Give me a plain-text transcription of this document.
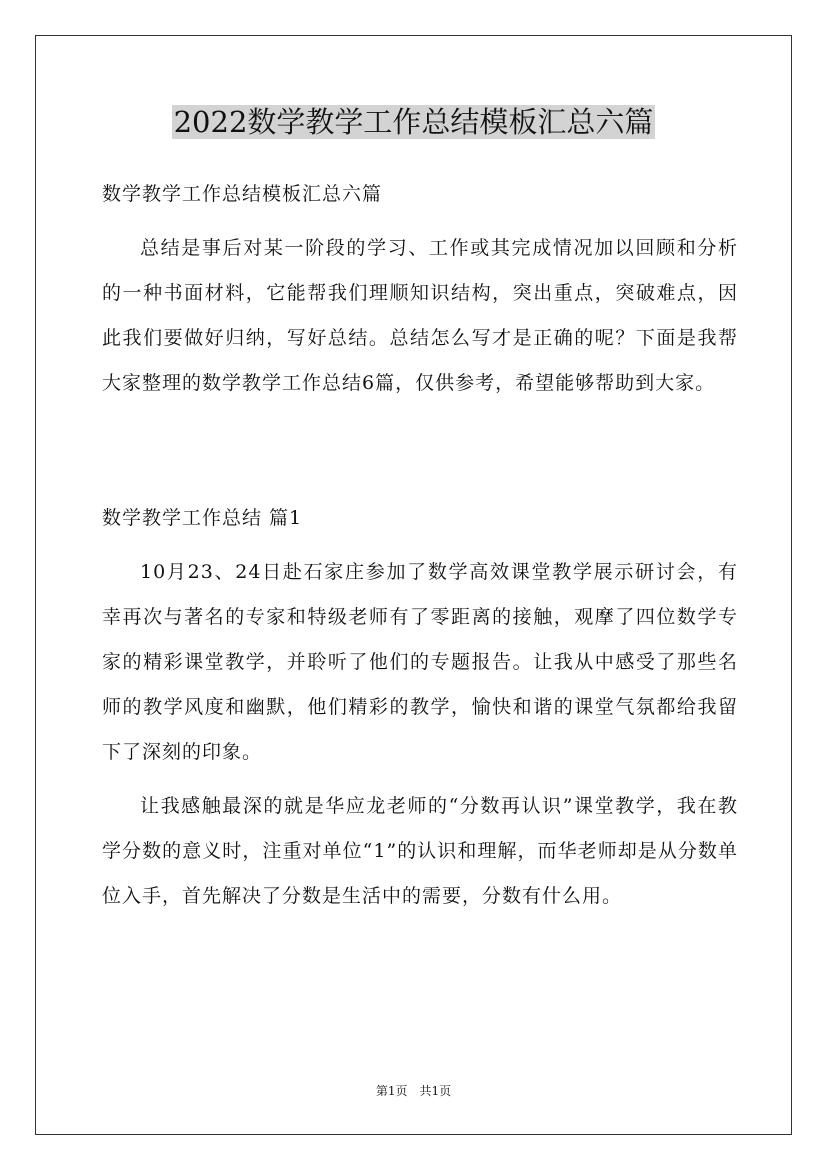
2022数学教学工作总结模板汇总六篇

数学教学工作总结模板汇总六篇

总结是事后对某一阶段的学习、工作或其完成情况加以回顾和分析的一种书面材料，它能帮我们理顺知识结构，突出重点，突破难点，因此我们要做好归纳，写好总结。总结怎么写才是正确的呢？下面是我帮大家整理的数学教学工作总结6篇，仅供参考，希望能够帮助到大家。

数学教学工作总结 篇1

10月23、24日赴石家庄参加了数学高效课堂教学展示研讨会，有幸再次与著名的专家和特级老师有了零距离的接触，观摩了四位数学专家的精彩课堂教学，并聆听了他们的专题报告。让我从中感受了那些名师的教学风度和幽默，他们精彩的教学，愉快和谐的课堂气氛都给我留下了深刻的印象。

让我感触最深的就是华应龙老师的“分数再认识”课堂教学，我在教学分数的意义时，注重对单位“1”的认识和理解，而华老师却是从分数单位入手，首先解决了分数是生活中的需要，分数有什么用。

第1页　共1页
